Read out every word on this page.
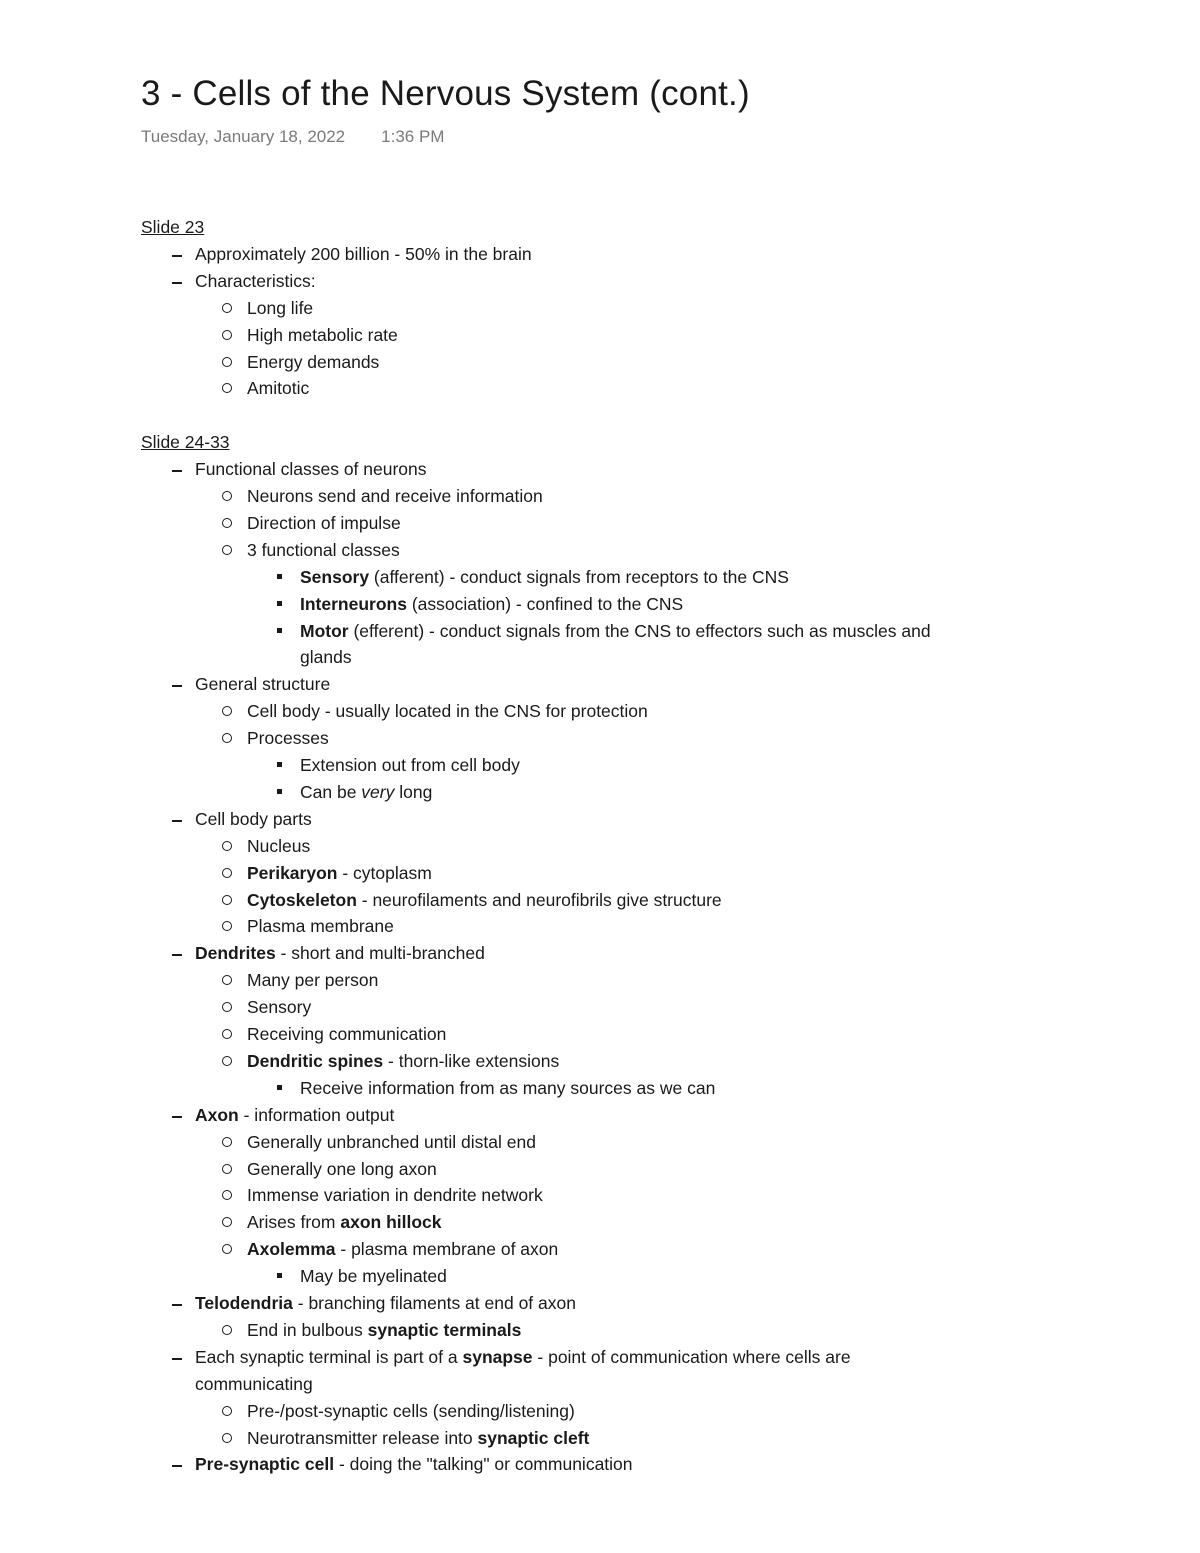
3 - Cells of the Nervous System (cont.)
Tuesday, January 18, 2022 1:36 PM
Slide 23
Approximately 200 billion - 50% in the brain
Characteristics:
Long life
High metabolic rate
Energy demands
Amitotic
Slide 24-33
Functional classes of neurons
Neurons send and receive information
Direction of impulse
3 functional classes
Sensory (afferent) - conduct signals from receptors to the CNS
Interneurons (association) - confined to the CNS
Motor (efferent) - conduct signals from the CNS to effectors such as muscles and
glands
General structure
Cell body - usually located in the CNS for protection
Processes
Extension out from cell body
Can be very long
Cell body parts
Nucleus
Perikaryon - cytoplasm
Cytoskeleton - neurofilaments and neurofibrils give structure
Plasma membrane
Dendrites - short and multi-branched
Many per person
Sensory
Receiving communication
Dendritic spines - thorn-like extensions
Receive information from as many sources as we can
Axon - information output
Generally unbranched until distal end
Generally one long axon
Immense variation in dendrite network
Arises from axon hillock
Axolemma - plasma membrane of axon
May be myelinated
Telodendria - branching filaments at end of axon
End in bulbous synaptic terminals
Each synaptic terminal is part of a synapse - point of communication where cells are
communicating
Pre-/post-synaptic cells (sending/listening)
Neurotransmitter release into synaptic cleft
Pre-synaptic cell - doing the "talking" or communication
